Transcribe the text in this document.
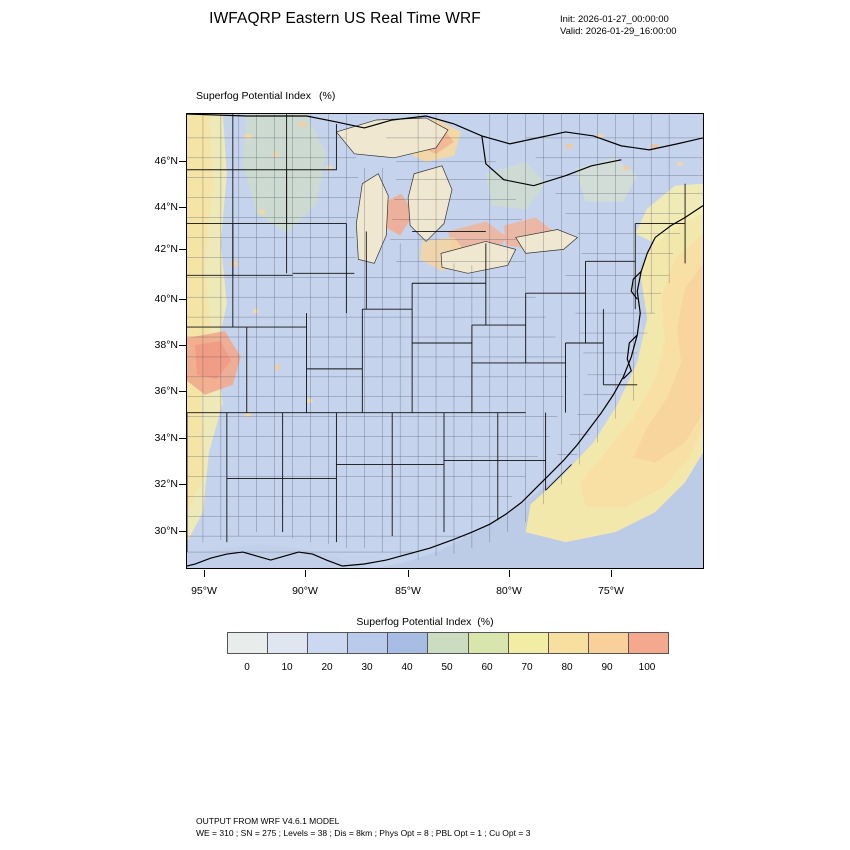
IWFAQRP Eastern US Real Time WRF	Init: 2026-01-27_00:00:00
Valid: 2026-01-29_16:00:00
Superfog Potential Index (%)
46°N
44°N
42°N
40°N
38°N
36°N
34°N
32°N
30°N
95°W	90°W	85°W	80°W	75°W
Superfog Potential Index (%)
0	10	20	30	40	50	60	70	80	90	100
OUTPUT FROM WRF V4.6.1 MODEL
WE = 310 ; SN = 275 ; Levels = 38 ; Dis = 8km ; Phys Opt = 8 ; PBL Opt = 1 ; Cu Opt = 3
